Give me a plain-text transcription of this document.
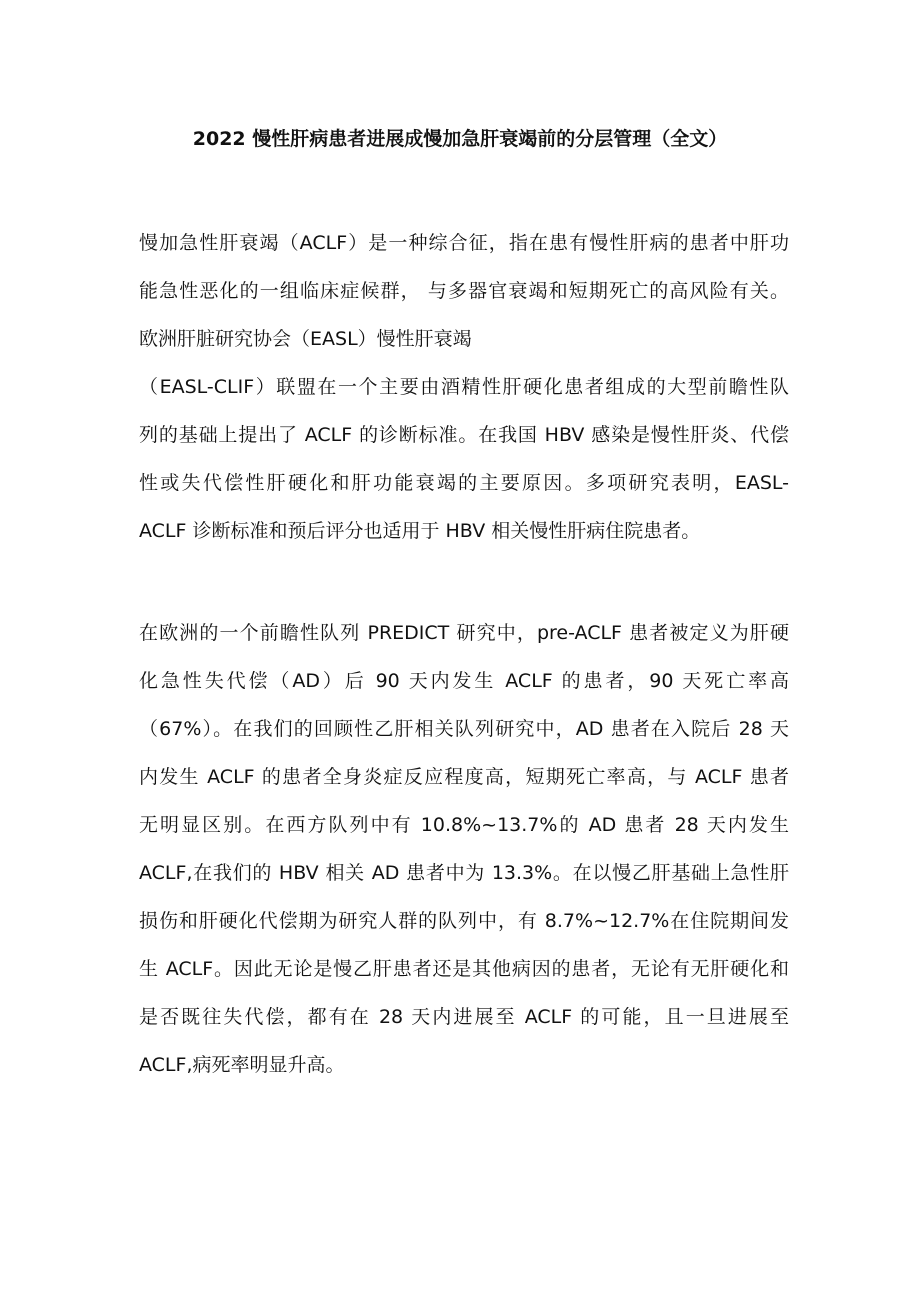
2022 慢性肝病患者进展成慢加急肝衰竭前的分层管理（全文）
慢加急性肝衰竭（ACLF）是一种综合征，指在患有慢性肝病的患者中肝功
能急性恶化的一组临床症候群， 与多器官衰竭和短期死亡的高风险有关。
欧洲肝脏研究协会（EASL）慢性肝衰竭
（EASL-CLIF）联盟在一个主要由酒精性肝硬化患者组成的大型前瞻性队
列的基础上提出了 ACLF 的诊断标准。在我国 HBV 感染是慢性肝炎、代偿
性或失代偿性肝硬化和肝功能衰竭的主要原因。多项研究表明，EASL-
ACLF 诊断标准和预后评分也适用于 HBV 相关慢性肝病住院患者。
在欧洲的一个前瞻性队列 PREDICT 研究中，pre-ACLF 患者被定义为肝硬
化急性失代偿（AD）后 90 天内发生 ACLF 的患者，90 天死亡率高
（67%）。在我们的回顾性乙肝相关队列研究中，AD 患者在入院后 28 天
内发生 ACLF 的患者全身炎症反应程度高，短期死亡率高，与 ACLF 患者
无明显区别。在西方队列中有 10.8%~13.7%的 AD 患者 28 天内发生
ACLF,在我们的 HBV 相关 AD 患者中为 13.3%。在以慢乙肝基础上急性肝
损伤和肝硬化代偿期为研究人群的队列中，有 8.7%~12.7%在住院期间发
生 ACLF。因此无论是慢乙肝患者还是其他病因的患者，无论有无肝硬化和
是否既往失代偿，都有在 28 天内进展至 ACLF 的可能，且一旦进展至
ACLF,病死率明显升高。
